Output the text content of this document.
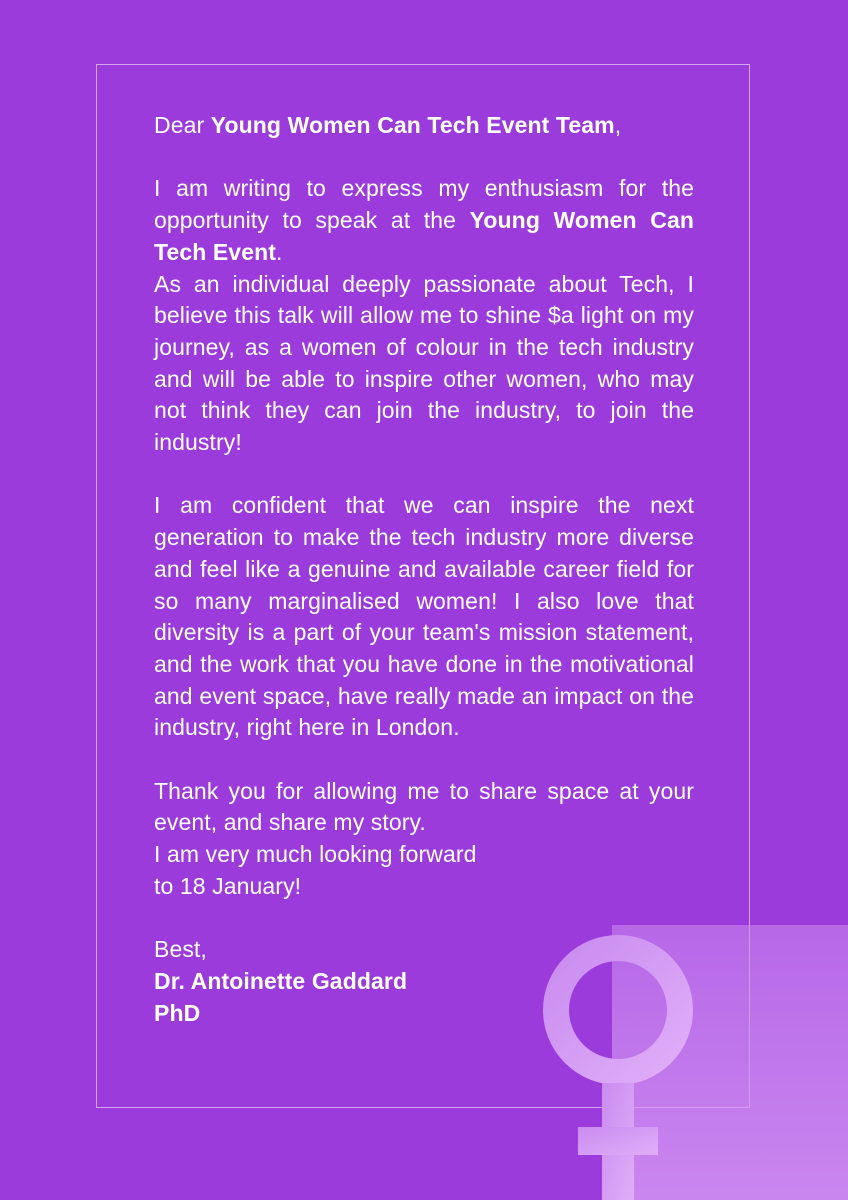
Dear Young Women Can Tech Event Team,

I am writing to express my enthusiasm for the opportunity to speak at the Young Women Can Tech Event.

As an individual deeply passionate about Tech, I believe this talk will allow me to shine $a light on my journey, as a women of colour in the tech industry and will be able to inspire other women, who may not think they can join the industry, to join the industry!

I am confident that we can inspire the next generation to make the tech industry more diverse and feel like a genuine and available career field for so many marginalised women! I also love that diversity is a part of your team's mission statement, and the work that you have done in the motivational and event space, have really made an impact on the industry, right here in London.

Thank you for allowing me to share space at your event, and share my story.

I am very much looking forward

to 18 January!

Best,

Dr. Antoinette Gaddard

PhD
